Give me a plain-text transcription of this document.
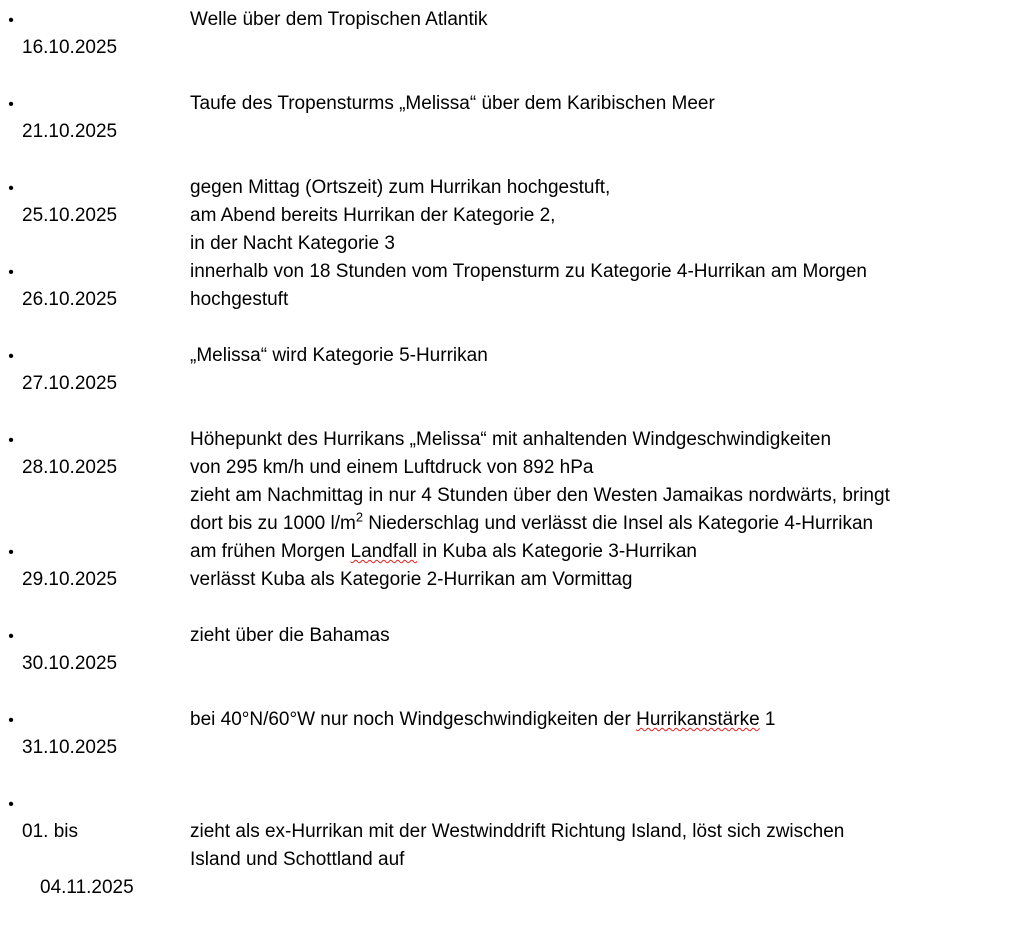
•

16.10.2025

Welle über dem Tropischen Atlantik
•

21.10.2025

Taufe des Tropensturms „Melissa“ über dem Karibischen Meer
•

25.10.2025

gegen Mittag (Ortszeit) zum Hurrikan hochgestuft,
am Abend bereits Hurrikan der Kategorie 2,
in der Nacht Kategorie 3
•

26.10.2025

innerhalb von 18 Stunden vom Tropensturm zu Kategorie 4-Hurrikan am Morgen
hochgestuft
•

27.10.2025

„Melissa“ wird Kategorie 5-Hurrikan
•

28.10.2025

Höhepunkt des Hurrikans „Melissa“ mit anhaltenden Windgeschwindigkeiten
von 295 km/h und einem Luftdruck von 892 hPa
zieht am Nachmittag in nur 4 Stunden über den Westen Jamaikas nordwärts, bringt
dort bis zu 1000 $l/m^2$ Niederschlag und verlässt die Insel als Kategorie 4-Hurrikan
•

29.10.2025

am frühen Morgen Landfall in Kuba als Kategorie 3-Hurrikan
verlässt Kuba als Kategorie 2-Hurrikan am Vormittag
•

30.10.2025

zieht über die Bahamas
•

31.10.2025

bei 40°N/60°W nur noch Windgeschwindigkeiten der Hurrikanstärke 1
•

01. bis

04.11.2025

zieht als ex-Hurrikan mit der Westwinddrift Richtung Island, löst sich zwischen
Island und Schottland auf
